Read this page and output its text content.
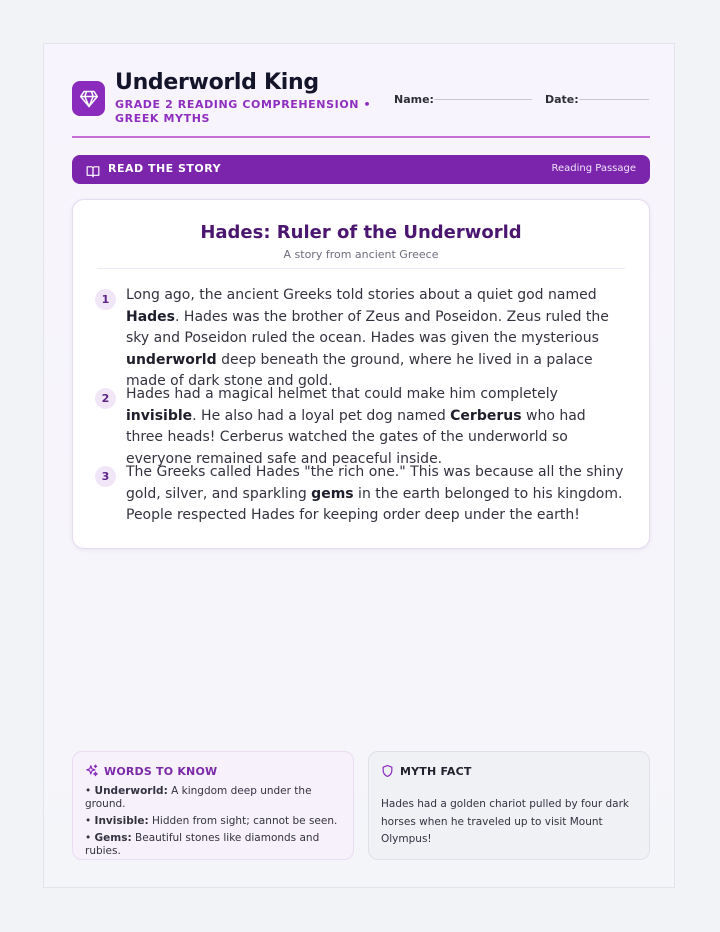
Underworld King
GRADE 2 READING COMPREHENSION • GREEK MYTHS
Name:	Date:
READ THE STORY	Reading Passage
Hades: Ruler of the Underworld
A story from ancient Greece
1	Long ago, the ancient Greeks told stories about a quiet god named Hades. Hades was the brother of Zeus and Poseidon. Zeus ruled the sky and Poseidon ruled the ocean. Hades was given the mysterious underworld deep beneath the ground, where he lived in a palace made of dark stone and gold.
2	Hades had a magical helmet that could make him completely invisible. He also had a loyal pet dog named Cerberus who had three heads! Cerberus watched the gates of the underworld so everyone remained safe and peaceful inside.
3	The Greeks called Hades "the rich one." This was because all the shiny gold, silver, and sparkling gems in the earth belonged to his kingdom. People respected Hades for keeping order deep under the earth!
WORDS TO KNOW
• Underworld: A kingdom deep under the ground.
• Invisible: Hidden from sight; cannot be seen.
• Gems: Beautiful stones like diamonds and rubies.
MYTH FACT
Hades had a golden chariot pulled by four dark horses when he traveled up to visit Mount Olympus!
